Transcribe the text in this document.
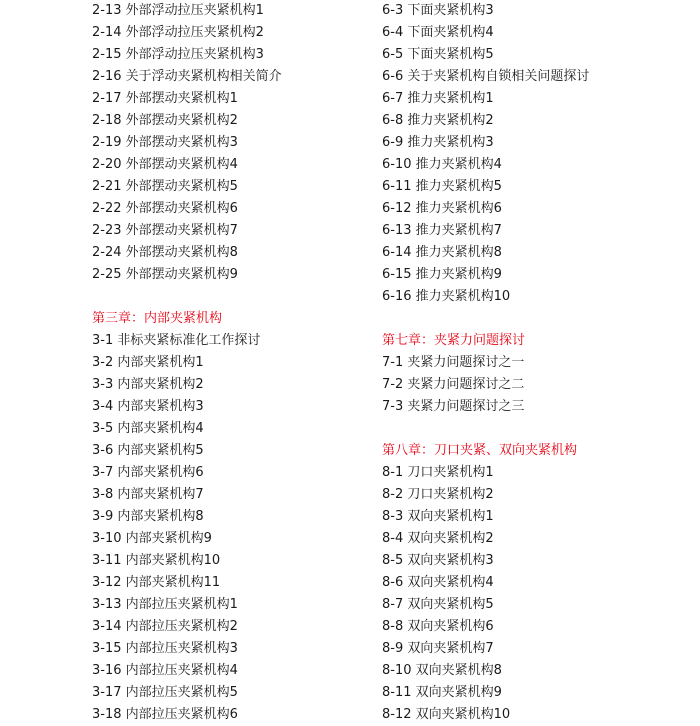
2-13 外部浮动拉压夹紧机构1
2-14 外部浮动拉压夹紧机构2
2-15 外部浮动拉压夹紧机构3
2-16 关于浮动夹紧机构相关简介
2-17 外部摆动夹紧机构1
2-18 外部摆动夹紧机构2
2-19 外部摆动夹紧机构3
2-20 外部摆动夹紧机构4
2-21 外部摆动夹紧机构5
2-22 外部摆动夹紧机构6
2-23 外部摆动夹紧机构7
2-24 外部摆动夹紧机构8
2-25 外部摆动夹紧机构9
第三章：内部夹紧机构
3-1 非标夹紧标准化工作探讨
3-2 内部夹紧机构1
3-3 内部夹紧机构2
3-4 内部夹紧机构3
3-5 内部夹紧机构4
3-6 内部夹紧机构5
3-7 内部夹紧机构6
3-8 内部夹紧机构7
3-9 内部夹紧机构8
3-10 内部夹紧机构9
3-11 内部夹紧机构10
3-12 内部夹紧机构11
3-13 内部拉压夹紧机构1
3-14 内部拉压夹紧机构2
3-15 内部拉压夹紧机构3
3-16 内部拉压夹紧机构4
3-17 内部拉压夹紧机构5
3-18 内部拉压夹紧机构6
6-3 下面夹紧机构3
6-4 下面夹紧机构4
6-5 下面夹紧机构5
6-6 关于夹紧机构自锁相关问题探讨
6-7 推力夹紧机构1
6-8 推力夹紧机构2
6-9 推力夹紧机构3
6-10 推力夹紧机构4
6-11 推力夹紧机构5
6-12 推力夹紧机构6
6-13 推力夹紧机构7
6-14 推力夹紧机构8
6-15 推力夹紧机构9
6-16 推力夹紧机构10
第七章：夹紧力问题探讨
7-1 夹紧力问题探讨之一
7-2 夹紧力问题探讨之二
7-3 夹紧力问题探讨之三
第八章：刀口夹紧、双向夹紧机构
8-1 刀口夹紧机构1
8-2 刀口夹紧机构2
8-3 双向夹紧机构1
8-4 双向夹紧机构2
8-5 双向夹紧机构3
8-6 双向夹紧机构4
8-7 双向夹紧机构5
8-8 双向夹紧机构6
8-9 双向夹紧机构7
8-10 双向夹紧机构8
8-11 双向夹紧机构9
8-12 双向夹紧机构10
